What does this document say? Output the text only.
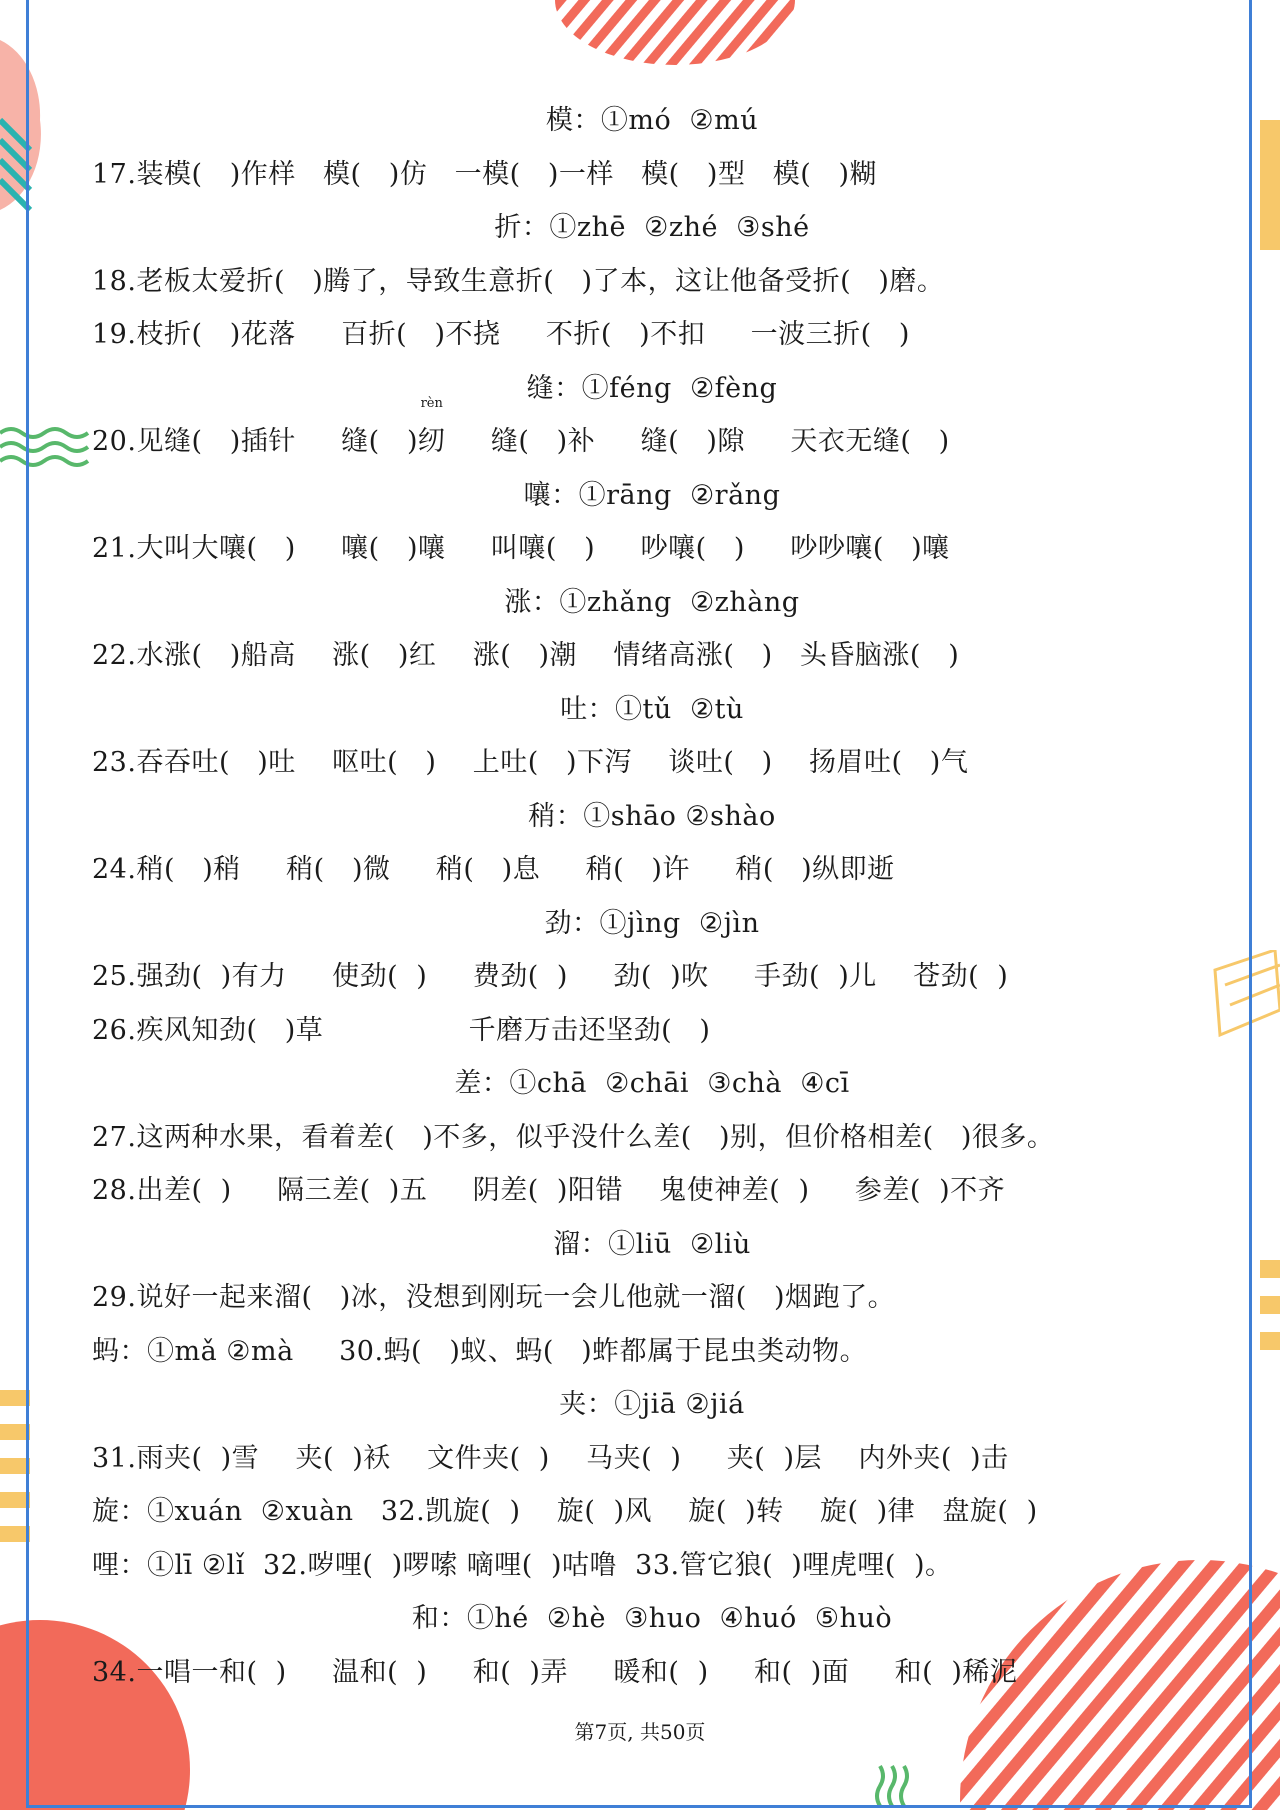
模：①mó  ②mú
17.装模(   )作样   模(   )仿   一模(   )一样   模(   )型   模(   )糊
折：①zhē  ②zhé  ③shé
18.老板太爱折(   )腾了，导致生意折(   )了本，这让他备受折(   )磨。
19.枝折(   )花落     百折(   )不挠     不折(   )不扣     一波三折(   )
缝：①féng  ②fèng
20.见缝(   )插针     缝(   )
rèn
纫     缝(   )补     缝(   )隙     天衣无缝(   )
嚷：①rāng  ②rǎng
21.大叫大嚷(   )     嚷(   )嚷     叫嚷(   )     吵嚷(   )     吵吵嚷(   )嚷
涨：①zhǎng  ②zhàng
22.水涨(   )船高    涨(   )红    涨(   )潮    情绪高涨(   )   头昏脑涨(   )
吐：①tǔ  ②tù
23.吞吞吐(   )吐    呕吐(   )    上吐(   )下泻    谈吐(   )    扬眉吐(   )气
稍：①shāo ②shào
24.稍(   )稍     稍(   )微     稍(   )息     稍(   )许     稍(   )纵即逝
劲：①jìng  ②jìn
25.强劲(  )有力     使劲(  )     费劲(  )     劲(  )吹     手劲(  )儿    苍劲(  )
26.疾风知劲(   )草                千磨万击还坚劲(   )
差：①chā  ②chāi  ③chà  ④cī
27.这两种水果，看着差(   )不多，似乎没什么差(   )别，但价格相差(   )很多。
28.出差(  )     隔三差(  )五     阴差(  )阳错    鬼使神差(  )     参差(  )不齐
溜：①liū  ②liù
29.说好一起来溜(   )冰，没想到刚玩一会儿他就一溜(   )烟跑了。
蚂：①mǎ ②mà     30.蚂(   )蚁、蚂(   )蚱都属于昆虫类动物。
夹：①jiā ②jiá
31.雨夹(  )雪    夹(  )袄    文件夹(  )    马夹(  )     夹(  )层    内外夹(  )击
旋：①xuán  ②xuàn   32.凯旋(  )    旋(  )风    旋(  )转    旋(  )律   盘旋(  )
哩：①lī ②lǐ  32.哕哩(  )啰嗦 嘀哩(  )咕噜  33.管它狼(  )哩虎哩(  )。
和：①hé  ②hè  ③huo  ④huó  ⑤huò
34.一唱一和(  )     温和(  )     和(  )弄     暖和(  )     和(  )面     和(  )稀泥
第7页, 共50页
